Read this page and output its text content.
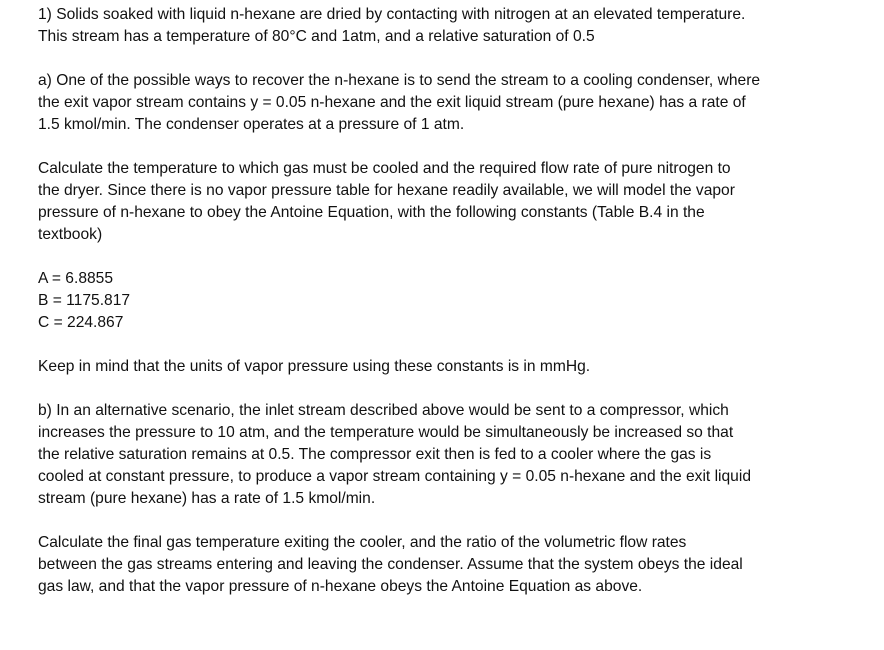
1) Solids soaked with liquid n-hexane are dried by contacting with nitrogen at an elevated temperature.
This stream has a temperature of 80°C and 1atm, and a relative saturation of 0.5

a) One of the possible ways to recover the n-hexane is to send the stream to a cooling condenser, where
the exit vapor stream contains y = 0.05 n-hexane and the exit liquid stream (pure hexane) has a rate of
1.5 kmol/min. The condenser operates at a pressure of 1 atm.

Calculate the temperature to which gas must be cooled and the required flow rate of pure nitrogen to
the dryer. Since there is no vapor pressure table for hexane readily available, we will model the vapor
pressure of n-hexane to obey the Antoine Equation, with the following constants (Table B.4 in the
textbook)

A = 6.8855
B = 1175.817
C = 224.867

Keep in mind that the units of vapor pressure using these constants is in mmHg.

b) In an alternative scenario, the inlet stream described above would be sent to a compressor, which
increases the pressure to 10 atm, and the temperature would be simultaneously be increased so that
the relative saturation remains at 0.5. The compressor exit then is fed to a cooler where the gas is
cooled at constant pressure, to produce a vapor stream containing y = 0.05 n-hexane and the exit liquid
stream (pure hexane) has a rate of 1.5 kmol/min.

Calculate the final gas temperature exiting the cooler, and the ratio of the volumetric flow rates
between the gas streams entering and leaving the condenser. Assume that the system obeys the ideal
gas law, and that the vapor pressure of n-hexane obeys the Antoine Equation as above.
